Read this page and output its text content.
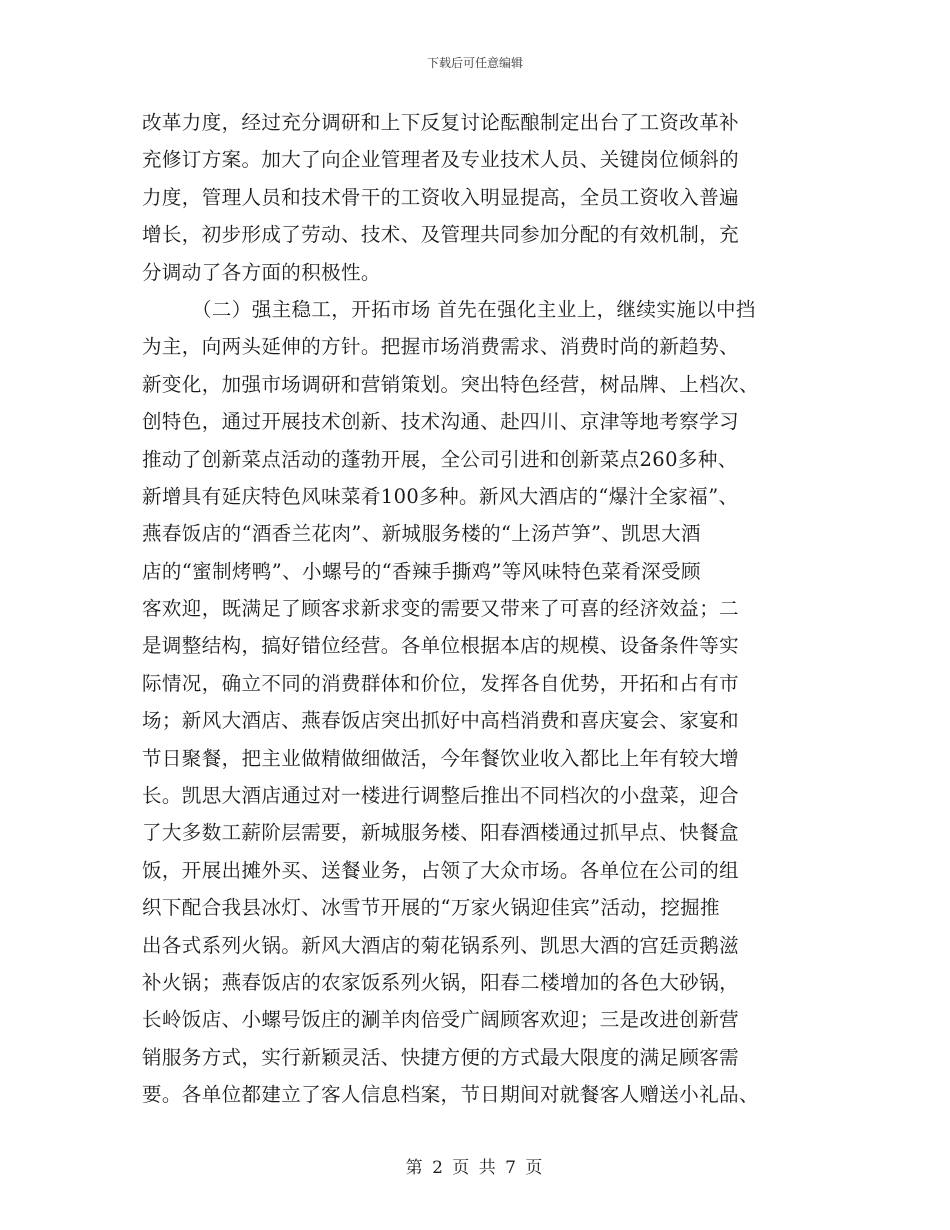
下载后可任意编辑
改革力度，经过充分调研和上下反复讨论酝酿制定出台了工资改革补
充修订方案。加大了向企业管理者及专业技术人员、关键岗位倾斜的
力度，管理人员和技术骨干的工资收入明显提高，全员工资收入普遍
增长，初步形成了劳动、技术、及管理共同参加分配的有效机制，充
分调动了各方面的积极性。
（二）强主稳工，开拓市场 首先在强化主业上，继续实施以中挡
为主，向两头延伸的方针。把握市场消费需求、消费时尚的新趋势、
新变化，加强市场调研和营销策划。突出特色经营，树品牌、上档次、
创特色，通过开展技术创新、技术沟通、赴四川、京津等地考察学习
推动了创新菜点活动的蓬勃开展，全公司引进和创新菜点260多种、
新增具有延庆特色风味菜肴100多种。新风大酒店的“爆汁全家福”、
燕春饭店的“酒香兰花肉”、新城服务楼的“上汤芦笋”、凯思大酒
店的“蜜制烤鸭”、小螺号的“香辣手撕鸡”等风味特色菜肴深受顾
客欢迎，既满足了顾客求新求变的需要又带来了可喜的经济效益；二
是调整结构，搞好错位经营。各单位根据本店的规模、设备条件等实
际情况，确立不同的消费群体和价位，发挥各自优势，开拓和占有市
场；新风大酒店、燕春饭店突出抓好中高档消费和喜庆宴会、家宴和
节日聚餐，把主业做精做细做活，今年餐饮业收入都比上年有较大增
长。凯思大酒店通过对一楼进行调整后推出不同档次的小盘菜，迎合
了大多数工薪阶层需要，新城服务楼、阳春酒楼通过抓早点、快餐盒
饭，开展出摊外买、送餐业务，占领了大众市场。各单位在公司的组
织下配合我县冰灯、冰雪节开展的“万家火锅迎佳宾”活动，挖掘推
出各式系列火锅。新风大酒店的菊花锅系列、凯思大酒的宫廷贡鹅滋
补火锅；燕春饭店的农家饭系列火锅，阳春二楼增加的各色大砂锅，
长岭饭店、小螺号饭庄的涮羊肉倍受广阔顾客欢迎；三是改进创新营
销服务方式，实行新颖灵活、快捷方便的方式最大限度的满足顾客需
要。各单位都建立了客人信息档案，节日期间对就餐客人赠送小礼品、
第 2 页 共 7 页
